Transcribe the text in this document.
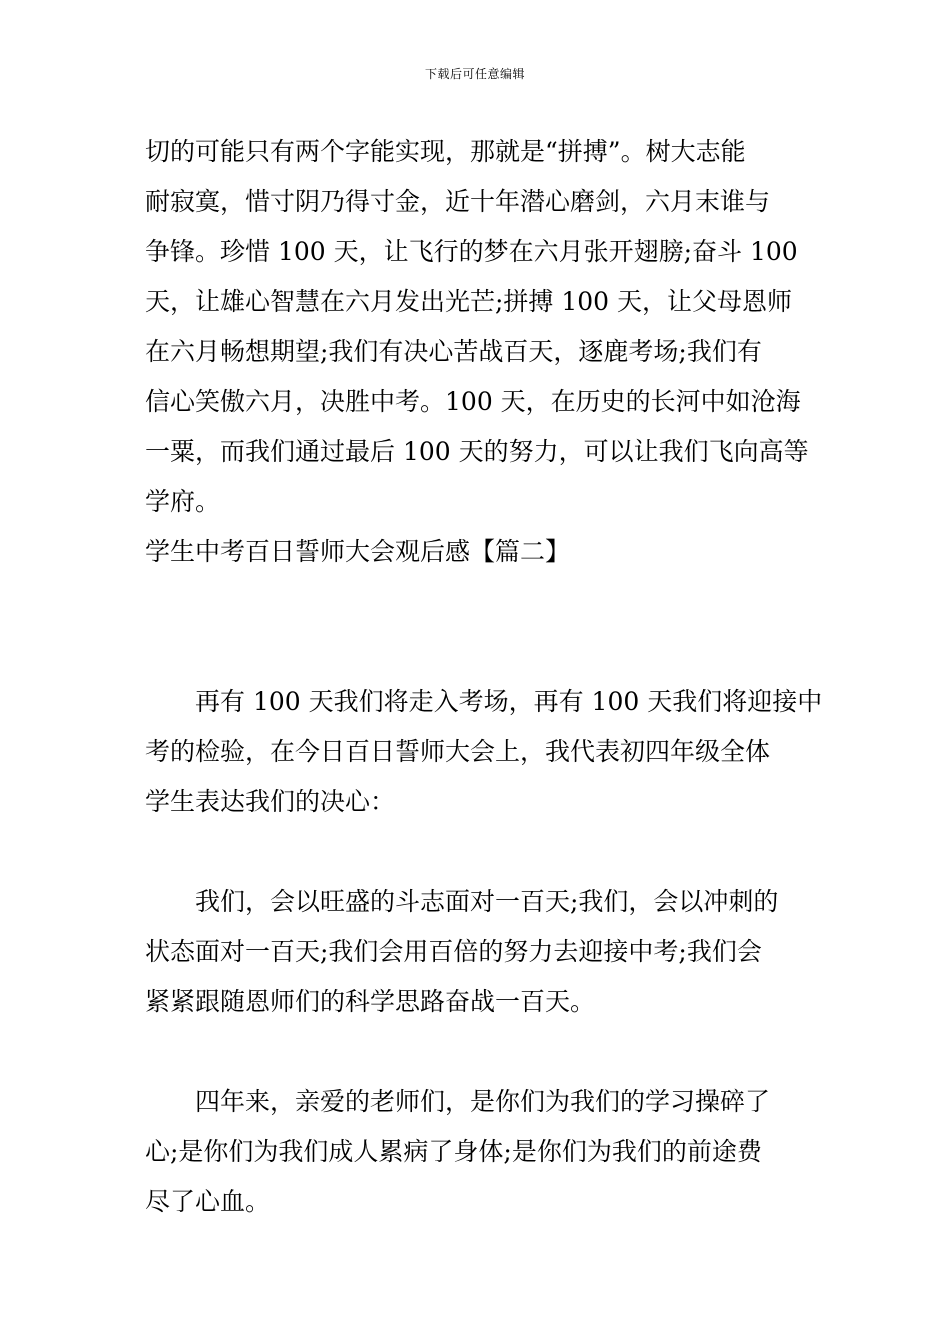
下载后可任意编辑
切的可能只有两个字能实现，那就是“拼搏”。树大志能
耐寂寞，惜寸阴乃得寸金，近十年潜心磨剑，六月末谁与
争锋。珍惜 100 天，让飞行的梦在六月张开翅膀;奋斗 100
天，让雄心智慧在六月发出光芒;拼搏 100 天，让父母恩师
在六月畅想期望;我们有决心苦战百天，逐鹿考场;我们有
信心笑傲六月，决胜中考。100 天，在历史的长河中如沧海
一粟，而我们通过最后 100 天的努力，可以让我们飞向高等
学府。
学生中考百日誓师大会观后感【篇二】
　　再有 100 天我们将走入考场，再有 100 天我们将迎接中
考的检验，在今日百日誓师大会上，我代表初四年级全体
学生表达我们的决心：
　　我们，会以旺盛的斗志面对一百天;我们，会以冲刺的
状态面对一百天;我们会用百倍的努力去迎接中考;我们会
紧紧跟随恩师们的科学思路奋战一百天。
　　四年来，亲爱的老师们，是你们为我们的学习操碎了
心;是你们为我们成人累病了身体;是你们为我们的前途费
尽了心血。
